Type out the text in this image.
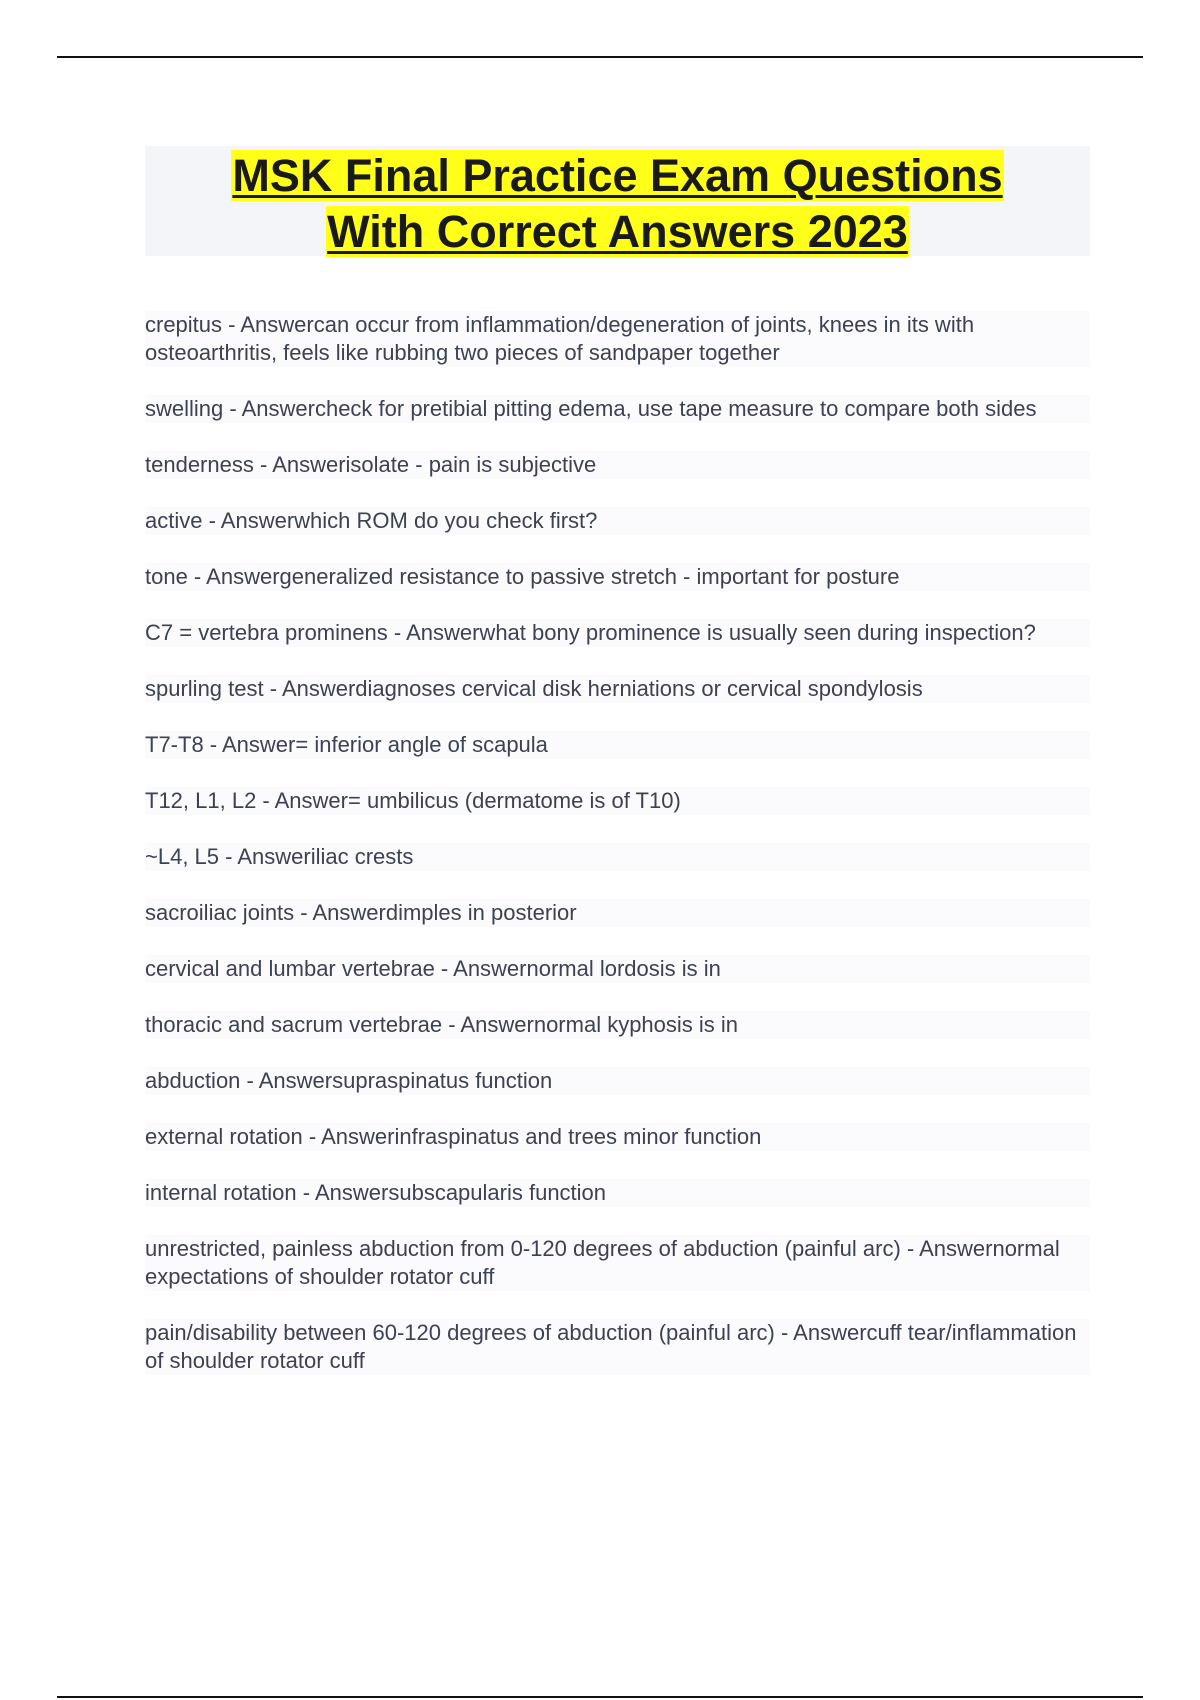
MSK Final Practice Exam Questions
With Correct Answers 2023
crepitus - Answercan occur from inflammation/degeneration of joints, knees in its with osteoarthritis, feels like rubbing two pieces of sandpaper together
swelling - Answercheck for pretibial pitting edema, use tape measure to compare both sides
tenderness - Answerisolate - pain is subjective
active - Answerwhich ROM do you check first?
tone - Answergeneralized resistance to passive stretch - important for posture
C7 = vertebra prominens - Answerwhat bony prominence is usually seen during inspection?
spurling test - Answerdiagnoses cervical disk herniations or cervical spondylosis
T7-T8 - Answer= inferior angle of scapula
T12, L1, L2 - Answer= umbilicus (dermatome is of T10)
~L4, L5 - Answeriliac crests
sacroiliac joints - Answerdimples in posterior
cervical and lumbar vertebrae - Answernormal lordosis is in
thoracic and sacrum vertebrae - Answernormal kyphosis is in
abduction - Answersupraspinatus function
external rotation - Answerinfraspinatus and trees minor function
internal rotation - Answersubscapularis function
unrestricted, painless abduction from 0-120 degrees of abduction (painful arc) - Answernormal expectations of shoulder rotator cuff
pain/disability between 60-120 degrees of abduction (painful arc) - Answercuff tear/inflammation of shoulder rotator cuff
